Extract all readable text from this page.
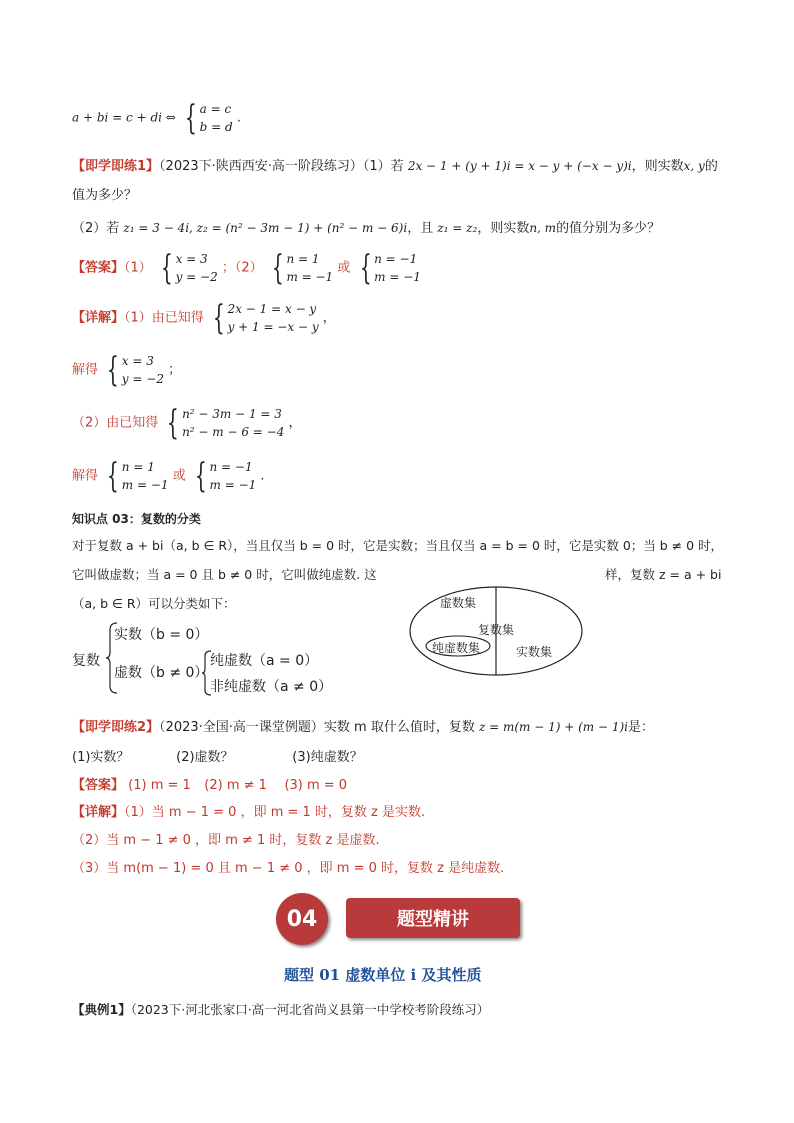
a + bi = c + di ⇔ { a = c
b = d
.
【即学即练1】（2023下·陕西西安·高一阶段练习）（1）若 2x − 1 + (y + 1)i = x − y + (−x − y)i，则实数x, y的
值为多少？
（2）若 z₁ = 3 − 4i, z₂ = (n² − 3m − 1) + (n² − m − 6)i，且 z₁ = z₂，则实数n, m的值分别为多少？
【答案】（1） { x = 3
y = −2
；（2） { n = 1
m = −1
或 { n = −1
m = −1
【详解】（1）由已知得 { 2x − 1 = x − y
y + 1 = −x − y
，
解得 { x = 3
y = −2
；
（2）由已知得 { n² − 3m − 1 = 3
n² − m − 6 = −4
，
解得 { n = 1
m = −1
或 { n = −1
m = −1
.
知识点 03：复数的分类
对于复数 a + bi（a, b ∈ R），当且仅当 b = 0 时，它是实数；当且仅当 a = b = 0 时，它是实数 0；当 b ≠ 0 时，
它叫做虚数；当 a = 0 且 b ≠ 0 时，它叫做纯虚数. 这	样，复数 z = a + bi
（a, b ∈ R）可以分类如下：
复数
实数（b = 0）
虚数（b ≠ 0）
纯虚数（a = 0）
非纯虚数（a ≠ 0）
虚数集
复数集
纯虚数集	实数集
【即学即练2】（2023·全国·高一课堂例题）实数 m 取什么值时，复数 z = m(m − 1) + (m − 1)i是：
(1)实数？	(2)虚数？	(3)纯虚数？
【答案】 (1) m = 1 (2) m ≠ 1 (3) m = 0
【详解】（1）当 m − 1 = 0 ，即 m = 1 时，复数 z 是实数.
（2）当 m − 1 ≠ 0 ，即 m ≠ 1 时，复数 z 是虚数.
（3）当 m(m − 1) = 0 且 m − 1 ≠ 0 ，即 m = 0 时，复数 z 是纯虚数.
04	题型精讲
题型 01 虚数单位 i 及其性质
【典例1】（2023下·河北张家口·高一河北省尚义县第一中学校考阶段练习）
